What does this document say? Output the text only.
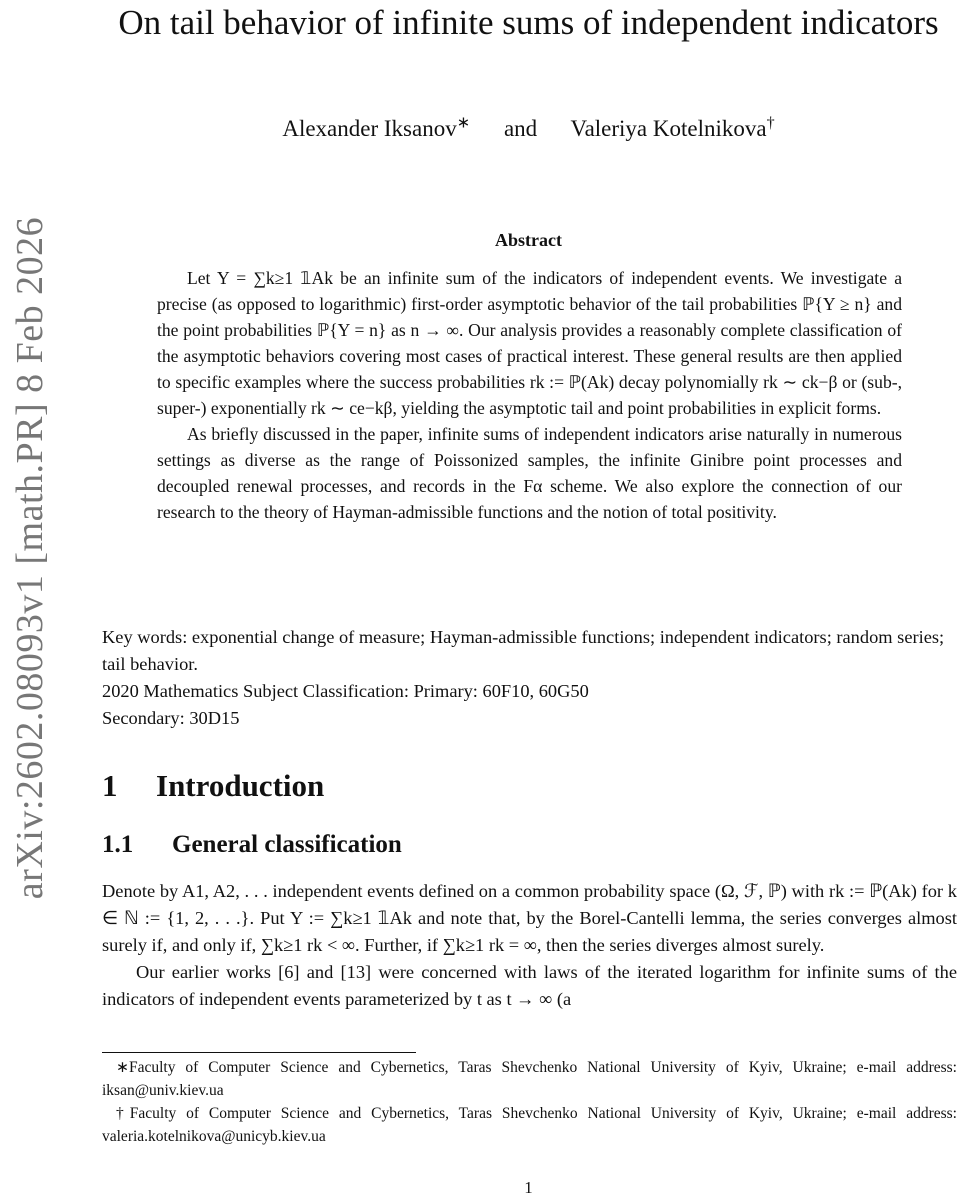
arXiv:2602.08093v1 [math.PR] 8 Feb 2026
On tail behavior of infinite sums of independent indicators
Alexander Iksanov∗ and Valeriya Kotelnikova†
Abstract

Let Y = ∑k≥1 𝟙Ak be an infinite sum of the indicators of independent events. We investigate a precise (as opposed to logarithmic) first-order asymptotic behavior of the tail probabilities ℙ{Y ≥ n} and the point probabilities ℙ{Y = n} as n → ∞. Our analysis provides a reasonably complete classification of the asymptotic behaviors covering most cases of practical interest. These general results are then applied to specific examples where the success probabilities rk := ℙ(Ak) decay polynomially rk ∼ ck−β or (sub-, super-) exponentially rk ∼ ce−kβ, yielding the asymptotic tail and point probabilities in explicit forms.

As briefly discussed in the paper, infinite sums of independent indicators arise naturally in numerous settings as diverse as the range of Poissonized samples, the infinite Ginibre point processes and decoupled renewal processes, and records in the Fα scheme. We also explore the connection of our research to the theory of Hayman-admissible functions and the notion of total positivity.

Key words: exponential change of measure; Hayman-admissible functions; independent indicators; random series; tail behavior.

2020 Mathematics Subject Classification: Primary: 60F10, 60G50

Secondary: 30D15

1 Introduction
1.1 General classification

Denote by A1, A2, . . . independent events defined on a common probability space (Ω, ℱ, ℙ) with rk := ℙ(Ak) for k ∈ ℕ := {1, 2, . . .}. Put Y := ∑k≥1 𝟙Ak and note that, by the Borel-Cantelli lemma, the series converges almost surely if, and only if, ∑k≥1 rk < ∞. Further, if ∑k≥1 rk = ∞, then the series diverges almost surely.

Our earlier works [6] and [13] were concerned with laws of the iterated logarithm for infinite sums of the indicators of independent events parameterized by t as t → ∞ (a

∗Faculty of Computer Science and Cybernetics, Taras Shevchenko National University of Kyiv, Ukraine; e-mail address: iksan@univ.kiev.ua

†Faculty of Computer Science and Cybernetics, Taras Shevchenko National University of Kyiv, Ukraine; e-mail address: valeria.kotelnikova@unicyb.kiev.ua

1
